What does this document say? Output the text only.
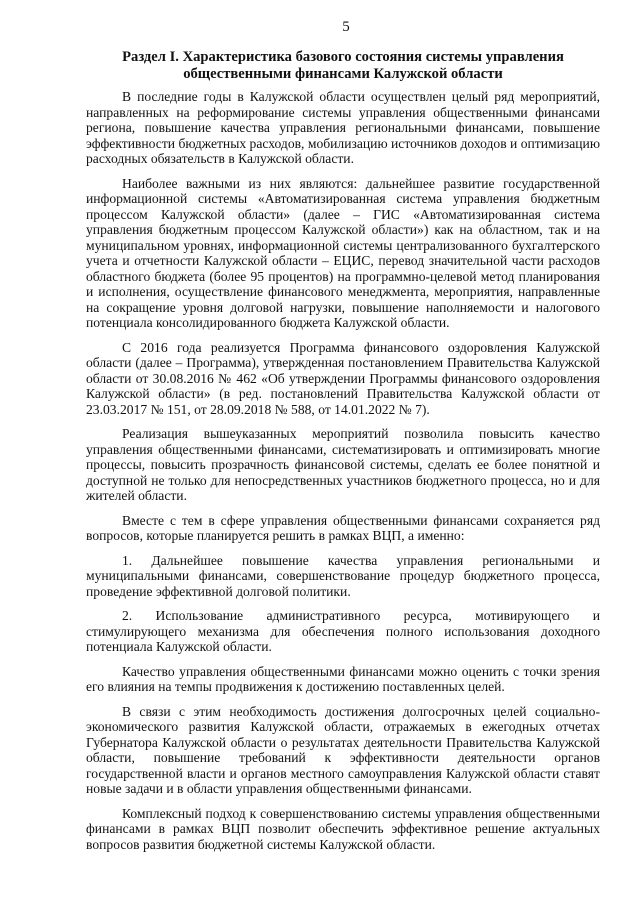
5
Раздел I. Характеристика базового состояния системы управления общественными финансами Калужской области

В последние годы в Калужской области осуществлен целый ряд мероприятий, направленных на реформирование системы управления общественными финансами региона, повышение качества управления региональными финансами, повышение эффективности бюджетных расходов, мобилизацию источников доходов и оптимизацию расходных обязательств в Калужской области.

Наиболее важными из них являются: дальнейшее развитие государственной информационной системы «Автоматизированная система управления бюджетным процессом Калужской области» (далее – ГИС «Автоматизированная система управления бюджетным процессом Калужской области») как на областном, так и на муниципальном уровнях, информационной системы централизованного бухгалтерского учета и отчетности Калужской области – ЕЦИС, перевод значительной части расходов областного бюджета (более 95 процентов) на программно-целевой метод планирования и исполнения, осуществление финансового менеджмента, мероприятия, направленные на сокращение уровня долговой нагрузки, повышение наполняемости и налогового потенциала консолидированного бюджета Калужской области.

С 2016 года реализуется Программа финансового оздоровления Калужской области (далее – Программа), утвержденная постановлением Правительства Калужской области от 30.08.2016 № 462 «Об утверждении Программы финансового оздоровления Калужской области» (в ред. постановлений Правительства Калужской области от 23.03.2017 № 151, от 28.09.2018 № 588, от 14.01.2022 № 7).

Реализация вышеуказанных мероприятий позволила повысить качество управления общественными финансами, систематизировать и оптимизировать многие процессы, повысить прозрачность финансовой системы, сделать ее более понятной и доступной не только для непосредственных участников бюджетного процесса, но и для жителей области.

Вместе с тем в сфере управления общественными финансами сохраняется ряд вопросов, которые планируется решить в рамках ВЦП, а именно:

1. Дальнейшее повышение качества управления региональными и муниципальными финансами, совершенствование процедур бюджетного процесса, проведение эффективной долговой политики.

2. Использование административного ресурса, мотивирующего и стимулирующего механизма для обеспечения полного использования доходного потенциала Калужской области.

Качество управления общественными финансами можно оценить с точки зрения его влияния на темпы продвижения к достижению поставленных целей.

В связи с этим необходимость достижения долгосрочных целей социально-экономического развития Калужской области, отражаемых в ежегодных отчетах Губернатора Калужской области о результатах деятельности Правительства Калужской области, повышение требований к эффективности деятельности органов государственной власти и органов местного самоуправления Калужской области ставят новые задачи и в области управления общественными финансами.

Комплексный подход к совершенствованию системы управления общественными финансами в рамках ВЦП позволит обеспечить эффективное решение актуальных вопросов развития бюджетной системы Калужской области.
